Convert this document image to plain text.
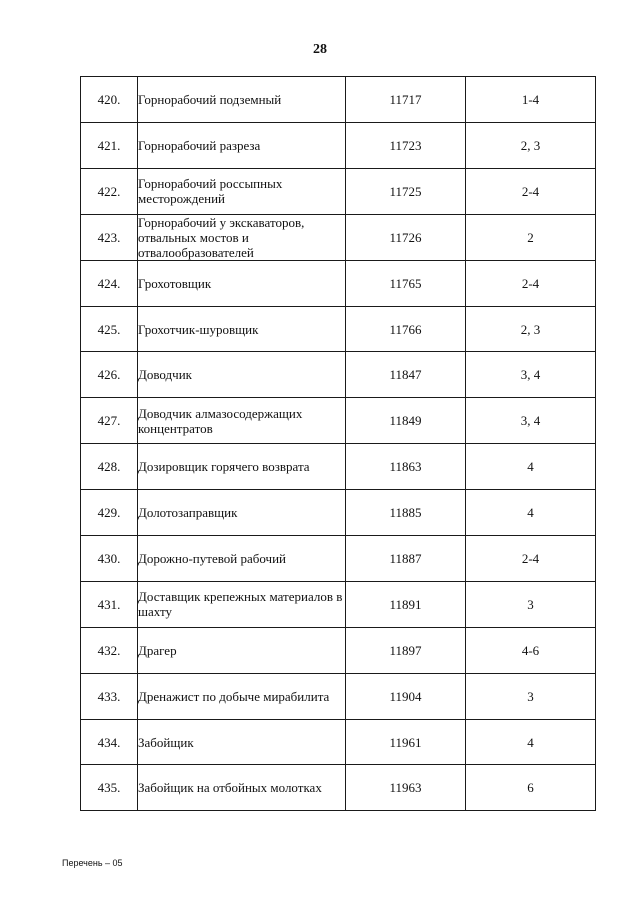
28
420.	Горнорабочий подземный	11717	1-4
421.	Горнорабочий разреза	11723	2, 3
422.	Горнорабочий россыпных месторождений	11725	2-4
423.	Горнорабочий у экскаваторов, отвальных мостов и отвалообразователей	11726	2
424.	Грохотовщик	11765	2-4
425.	Грохотчик-шуровщик	11766	2, 3
426.	Доводчик	11847	3, 4
427.	Доводчик алмазосодержащих концентратов	11849	3, 4
428.	Дозировщик горячего возврата	11863	4
429.	Долотозаправщик	11885	4
430.	Дорожно-путевой рабочий	11887	2-4
431.	Доставщик крепежных материалов в шахту	11891	3
432.	Драгер	11897	4-6
433.	Дренажист по добыче мирабилита	11904	3
434.	Забойщик	11961	4
435.	Забойщик на отбойных молотках	11963	6
Перечень – 05
